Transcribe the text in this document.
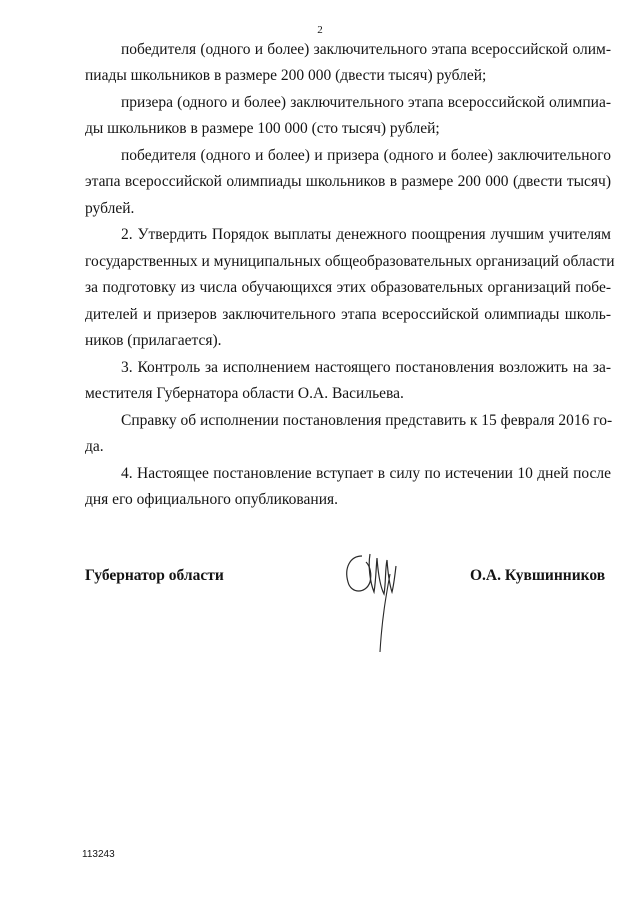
2
победителя (одного и более) заключительного этапа всероссийской олим-
пиады школьников в размере 200 000 (двести тысяч) рублей;
призера (одного и более) заключительного этапа всероссийской олимпиа-
ды школьников в размере 100 000 (сто тысяч) рублей;
победителя (одного и более) и призера (одного и более) заключительного
этапа всероссийской олимпиады школьников в размере 200 000 (двести тысяч)
рублей.
2. Утвердить Порядок выплаты денежного поощрения лучшим учителям
государственных и муниципальных общеобразовательных организаций области
за подготовку из числа обучающихся этих образовательных организаций побе-
дителей и призеров заключительного этапа всероссийской олимпиады школь-
ников (прилагается).
3. Контроль за исполнением настоящего постановления возложить на за-
местителя Губернатора области О.А. Васильева.
Справку об исполнении постановления представить к 15 февраля 2016 го-
да.
4. Настоящее постановление вступает в силу по истечении 10 дней после
дня его официального опубликования.
Губернатор области	О.А. Кувшинников
113243
